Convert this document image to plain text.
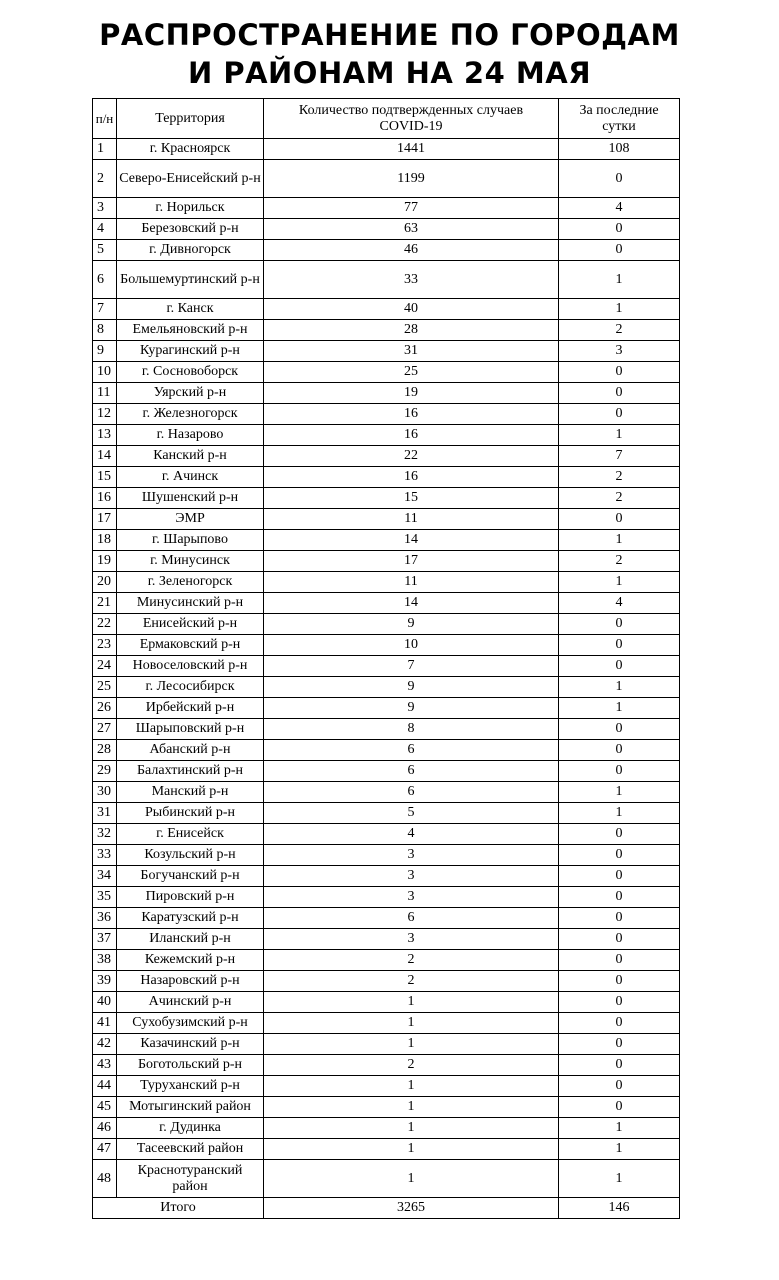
РАСПРОСТРАНЕНИЕ ПО ГОРОДАМ
И РАЙОНАМ НА 24 МАЯ
п/н	Территория	Количество подтвержденных случаев COVID-19	За последние сутки
1	г. Красноярск	1441	108
2	Северо-Енисейский р-н	1199	0
3	г. Норильск	77	4
4	Березовский р-н	63	0
5	г. Дивногорск	46	0
6	Большемуртинский р-н	33	1
7	г. Канск	40	1
8	Емельяновский р-н	28	2
9	Курагинский р-н	31	3
10	г. Сосновоборск	25	0
11	Уярский р-н	19	0
12	г. Железногорск	16	0
13	г. Назарово	16	1
14	Канский р-н	22	7
15	г. Ачинск	16	2
16	Шушенский р-н	15	2
17	ЭМР	11	0
18	г. Шарыпово	14	1
19	г. Минусинск	17	2
20	г. Зеленогорск	11	1
21	Минусинский р-н	14	4
22	Енисейский р-н	9	0
23	Ермаковский р-н	10	0
24	Новоселовский р-н	7	0
25	г. Лесосибирск	9	1
26	Ирбейский р-н	9	1
27	Шарыповский р-н	8	0
28	Абанский р-н	6	0
29	Балахтинский р-н	6	0
30	Манский р-н	6	1
31	Рыбинский р-н	5	1
32	г. Енисейск	4	0
33	Козульский р-н	3	0
34	Богучанский р-н	3	0
35	Пировский р-н	3	0
36	Каратузский р-н	6	0
37	Иланский р-н	3	0
38	Кежемский р-н	2	0
39	Назаровский р-н	2	0
40	Ачинский р-н	1	0
41	Сухобузимский р-н	1	0
42	Казачинский р-н	1	0
43	Боготольский р-н	2	0
44	Туруханский р-н	1	0
45	Мотыгинский район	1	0
46	г. Дудинка	1	1
47	Тасеевский район	1	1
48	Краснотуранский район	1	1
Итого		3265	146
